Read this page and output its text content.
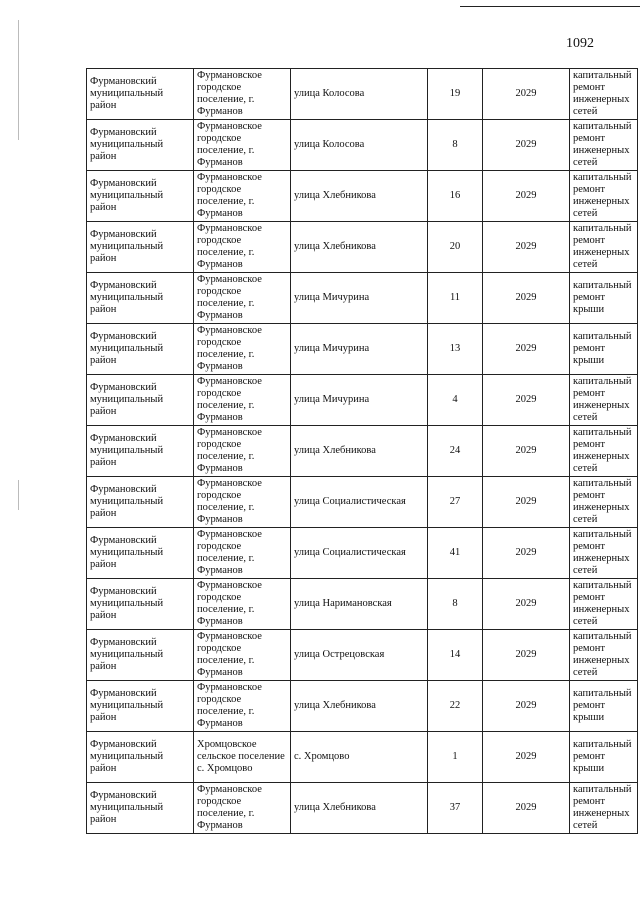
1092
Фурмановский муниципальный район	Фурмановское городское поселение, г. Фурманов	улица Колосова	19	2029	капитальный ремонт инженерных сетей
Фурмановский муниципальный район	Фурмановское городское поселение, г. Фурманов	улица Колосова	8	2029	капитальный ремонт инженерных сетей
Фурмановский муниципальный район	Фурмановское городское поселение, г. Фурманов	улица Хлебникова	16	2029	капитальный ремонт инженерных сетей
Фурмановский муниципальный район	Фурмановское городское поселение, г. Фурманов	улица Хлебникова	20	2029	капитальный ремонт инженерных сетей
Фурмановский муниципальный район	Фурмановское городское поселение, г. Фурманов	улица Мичурина	11	2029	капитальный ремонт крыши
Фурмановский муниципальный район	Фурмановское городское поселение, г. Фурманов	улица Мичурина	13	2029	капитальный ремонт крыши
Фурмановский муниципальный район	Фурмановское городское поселение, г. Фурманов	улица Мичурина	4	2029	капитальный ремонт инженерных сетей
Фурмановский муниципальный район	Фурмановское городское поселение, г. Фурманов	улица Хлебникова	24	2029	капитальный ремонт инженерных сетей
Фурмановский муниципальный район	Фурмановское городское поселение, г. Фурманов	улица Социалистическая	27	2029	капитальный ремонт инженерных сетей
Фурмановский муниципальный район	Фурмановское городское поселение, г. Фурманов	улица Социалистическая	41	2029	капитальный ремонт инженерных сетей
Фурмановский муниципальный район	Фурмановское городское поселение, г. Фурманов	улица Наримановская	8	2029	капитальный ремонт инженерных сетей
Фурмановский муниципальный район	Фурмановское городское поселение, г. Фурманов	улица Острецовская	14	2029	капитальный ремонт инженерных сетей
Фурмановский муниципальный район	Фурмановское городское поселение, г. Фурманов	улица Хлебникова	22	2029	капитальный ремонт крыши
Фурмановский муниципальный район	Хромцовское сельское поселение с. Хромцово	с. Хромцово	1	2029	капитальный ремонт крыши
Фурмановский муниципальный район	Фурмановское городское поселение, г. Фурманов	улица Хлебникова	37	2029	капитальный ремонт инженерных сетей
